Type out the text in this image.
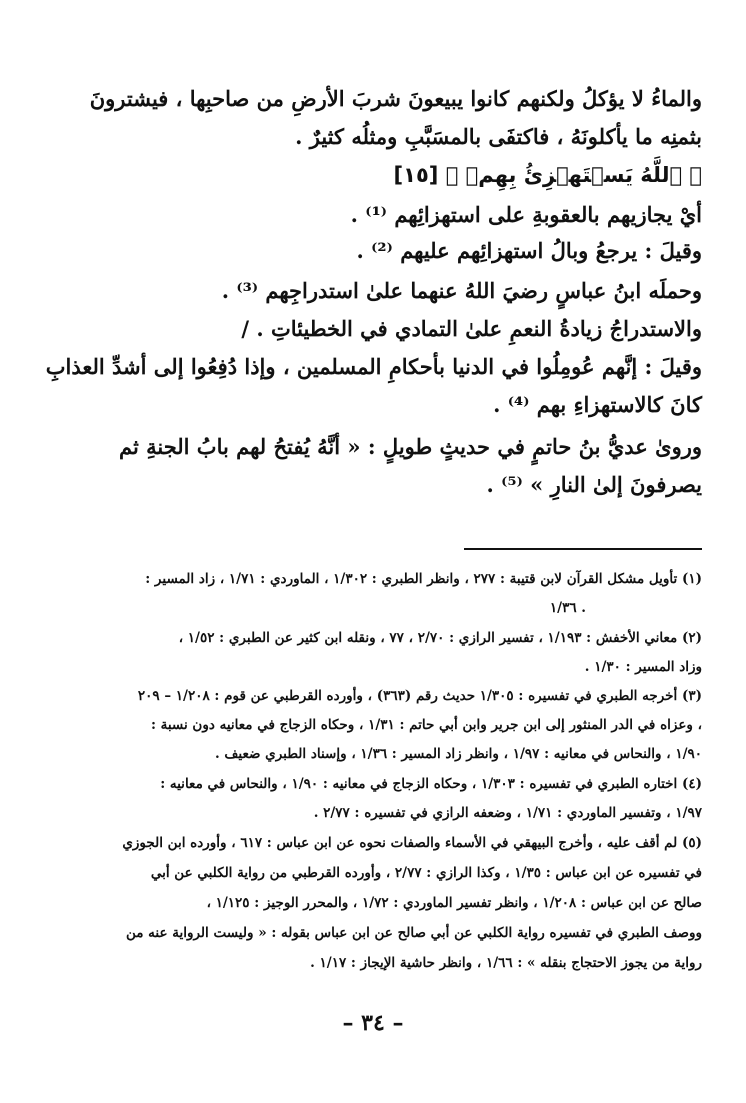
والماءُ لا يؤكلُ ولكنهم كانوا يبيعونَ شربَ الأرضِ من صاحبِها ، فيشترونَ
بثمنِه ما يأكلونَهُ ، فاكتفَى بالمسَبَّبِ ومثلُه كثيرٌ .
﴿ ٱللَّهُ يَسۡتَهۡزِئُ بِهِمۡ ﴾ [١٥]
أيْ يجازيهم بالعقوبةِ على استهزائِهم ⁽¹⁾ .
وقيلَ : يرجعُ وبالُ استهزائِهم عليهم ⁽²⁾ .
وحملَه ابنُ عباسٍ رضيَ اللهُ عنهما علىٰ استدراجِهم ⁽³⁾ .
والاستدراجُ زيادةُ النعمِ علىٰ التمادي في الخطيئاتِ . /
وقيلَ : إنَّهم عُومِلُوا في الدنيا بأحكامِ المسلمين ، وإذا دُفِعُوا إلى أشدِّ العذابِ
كانَ كالاستهزاءِ بهم ⁽⁴⁾ .
وروىٰ عديُّ بنُ حاتمٍ في حديثٍ طويلٍ : « أنَّهُ يُفتحُ لهم بابُ الجنةِ ثم
يصرفونَ إلىٰ النارِ » ⁽⁵⁾ .
(١) تأويل مشكل القرآن لابن قتيبة : ٢٧٧ ، وانظر الطبري : ١/٣٠٢ ، الماوردي : ١/٧١ ، زاد المسير :
١/٣٦ .
(٢) معاني الأخفش : ١/١٩٣ ، تفسير الرازي : ٢/٧٠ ، ٧٧ ، ونقله ابن كثير عن الطبري : ١/٥٢ ،
وزاد المسير : ١/٣٠ .
(٣) أخرجه الطبري في تفسيره : ١/٣٠٥ حديث رقم (٣٦٣) ، وأورده القرطبي عن قوم : ١/٢٠٨ – ٢٠٩
، وعزاه في الدر المنثور إلى ابن جرير وابن أبي حاتم : ١/٣١ ، وحكاه الزجاج في معانيه دون نسبة :
١/٩٠ ، والنحاس في معانيه : ١/٩٧ ، وانظر زاد المسير : ١/٣٦ ، وإسناد الطبري ضعيف .
(٤) اختاره الطبري في تفسيره : ١/٣٠٣ ، وحكاه الزجاج في معانيه : ١/٩٠ ، والنحاس في معانيه :
١/٩٧ ، وتفسير الماوردي : ١/٧١ ، وضعفه الرازي في تفسيره : ٢/٧٧ .
(٥) لم أقف عليه ، وأخرج البيهقي في الأسماء والصفات نحوه عن ابن عباس : ٦١٧ ، وأورده ابن الجوزي
في تفسيره عن ابن عباس : ١/٣٥ ، وكذا الرازي : ٢/٧٧ ، وأورده القرطبي من رواية الكلبي عن أبي
صالح عن ابن عباس : ١/٢٠٨ ، وانظر تفسير الماوردي : ١/٧٢ ، والمحرر الوجيز : ١/١٢٥ ،
ووصف الطبري في تفسيره رواية الكلبي عن أبي صالح عن ابن عباس بقوله : « وليست الرواية عنه من
رواية من يجوز الاحتجاج بنقله » : ١/٦٦ ، وانظر حاشية الإيجاز : ١/١٧ .
– ٣٤ –
